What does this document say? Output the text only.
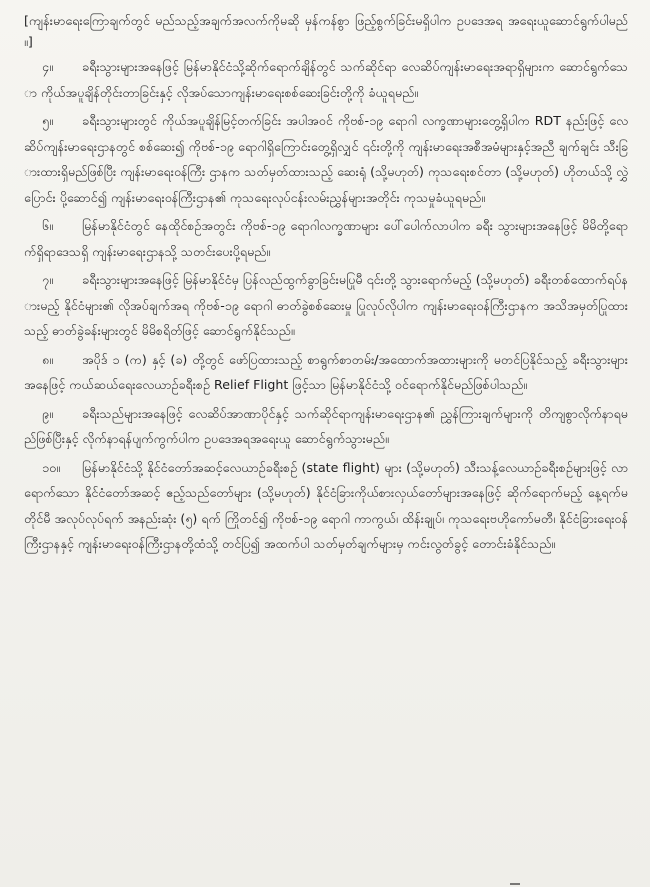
[ကျန်းမာရေးကြောချက်တွင် မည်သည့်အချက်အလက်ကိုမဆို မှန်ကန်စွာ ဖြည့်စွက်ခြင်းမရှိပါက ဥပဒေအရ အရေးယူဆောင်ရွက်ပါမည်။]

၄။ ခရီးသွားများအနေဖြင့် မြန်မာနိုင်ငံသို့ဆိုက်ရောက်ချိန်တွင် သက်ဆိုင်ရာ လေဆိပ်ကျန်းမာရေးအရာရှိများက ဆောင်ရွက်သော ကိုယ်အပူချိန်တိုင်းတာခြင်းနှင့် လိုအပ်သောကျန်းမာရေးစစ်ဆေးခြင်းတို့ကို ခံယူရမည်။

၅။ ခရီးသွားများတွင် ကိုယ်အပူချိန်မြင့်တက်ခြင်း အပါအဝင် ကိုဗစ်-၁၉ ရောဂါ လက္ခဏာများတွေ့ရှိပါက RDT နည်းဖြင့် လေဆိပ်ကျန်းမာရေးဌာနတွင် စစ်ဆေး၍ ကိုဗစ်-၁၉ ရောဂါရှိကြောင်းတွေ့ရှိလျှင် ၎င်းတို့ကို ကျန်းမာရေးအစီအမံများနှင့်အညီ ချက်ချင်း သီးခြားထားရှိမည်ဖြစ်ပြီး ကျန်းမာရေးဝန်ကြီး ဌာနက သတ်မှတ်ထားသည့် ဆေးရုံ (သို့မဟုတ်) ကုသရေးစင်တာ (သို့မဟုတ်) ဟိုတယ်သို့ လွှဲပြောင်း ပို့ဆောင်၍ ကျန်းမာရေးဝန်ကြီးဌာန၏ ကုသရေးလုပ်ငန်းလမ်းညွှန်များအတိုင်း ကုသမှုခံယူရမည်။

၆။ မြန်မာနိုင်ငံတွင် နေထိုင်စဉ်အတွင်း ကိုဗစ်-၁၉ ရောဂါလက္ခဏာများ ပေါ်ပေါက်လာပါက ခရီး သွားများအနေဖြင့် မိမိတို့ရောက်ရှိရာဒေသရှိ ကျန်းမာရေးဌာနသို့ သတင်းပေးပို့ရမည်။

၇။ ခရီးသွားများအနေဖြင့် မြန်မာနိုင်ငံမှ ပြန်လည်ထွက်ခွာခြင်းမပြုမီ ၎င်းတို့ သွားရောက်မည့် (သို့မဟုတ်) ခရီးတစ်ထောက်ရပ်နားမည့် နိုင်ငံများ၏ လိုအပ်ချက်အရ ကိုဗစ်-၁၉ ရောဂါ ဓာတ်ခွဲစစ်ဆေးမှု ပြုလုပ်လိုပါက ကျန်းမာရေးဝန်ကြီးဌာနက အသိအမှတ်ပြုထားသည့် ဓာတ်ခွဲခန်းများတွင် မိမိစရိတ်ဖြင့် ဆောင်ရွက်နိုင်သည်။

၈။ အပိုဒ် ၁ (က) နှင့် (ခ) တို့တွင် ဖော်ပြထားသည့် စာရွက်စာတမ်း/အထောက်အထားများကို မတင်ပြနိုင်သည့် ခရီးသွားများအနေဖြင့် ကယ်ဆယ်ရေးလေယာဉ်ခရီးစဉ် Relief Flight ဖြင့်သာ မြန်မာနိုင်ငံသို့ ဝင်ရောက်နိုင်မည်ဖြစ်ပါသည်။

၉။ ခရီးသည်များအနေဖြင့် လေဆိပ်အာဏာပိုင်နှင့် သက်ဆိုင်ရာကျန်းမာရေးဌာန၏ ညွှန်ကြားချက်များကို တိကျစွာလိုက်နာရမည်ဖြစ်ပြီးနှင့် လိုက်နာရန်ပျက်ကွက်ပါက ဥပဒေအရအရေးယူ ဆောင်ရွက်သွားမည်။

၁၀။ မြန်မာနိုင်ငံသို့ နိုင်ငံတော်အဆင့်လေယာဉ်ခရီးစဉ် (state flight) များ (သို့မဟုတ်) သီးသန့်လေယာဉ်ခရီးစဉ်များဖြင့် လာရောက်သော နိုင်ငံတော်အဆင့် ဧည့်သည်တော်များ (သို့မဟုတ်) နိုင်ငံခြားကိုယ်စားလှယ်တော်များအနေဖြင့် ဆိုက်ရောက်မည့် နေ့ရက်မတိုင်မီ အလုပ်လုပ်ရက် အနည်းဆုံး (၅) ရက် ကြိုတင်၍ ကိုဗစ်-၁၉ ရောဂါ ကာကွယ်၊ ထိန်းချုပ်၊ ကုသရေးဗဟိုကော်မတီ၊ နိုင်ငံခြားရေးဝန်ကြီးဌာနနှင့် ကျန်းမာရေးဝန်ကြီးဌာနတို့ထံသို့ တင်ပြ၍ အထက်ပါ သတ်မှတ်ချက်များမှ ကင်းလွတ်ခွင့် တောင်းခံနိုင်သည်။
